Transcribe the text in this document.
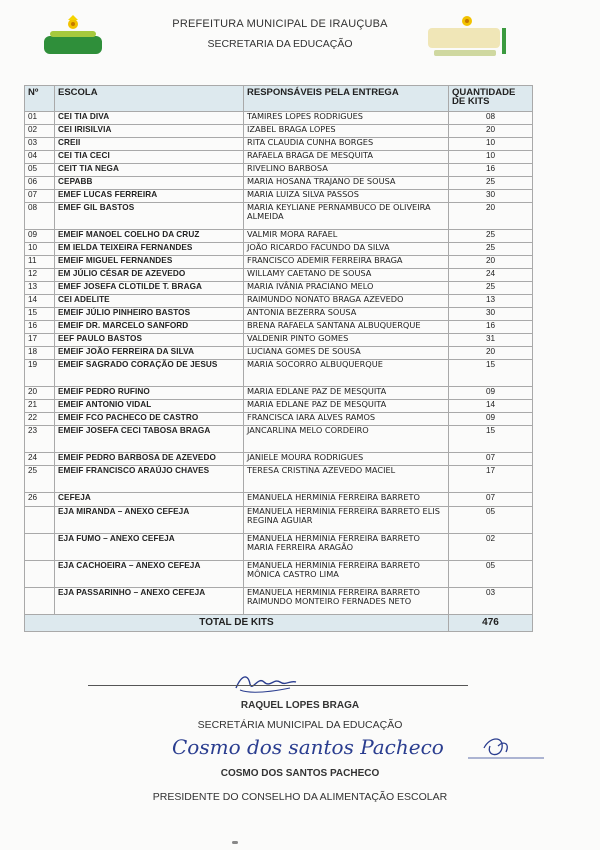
PREFEITURA MUNICIPAL DE IRAUÇUBA
SECRETARIA DA EDUCAÇÃO
Nº	ESCOLA	RESPONSÁVEIS PELA ENTREGA	QUANTIDADE DE KITS
01	CEI TIA DIVA	TAMIRES LOPES RODRIGUES	08
02	CEI IRISILVIA	IZABEL BRAGA LOPES	20
03	CREII	RITA CLAUDIA CUNHA BORGES	10
04	CEI TIA CECI	RAFAELA BRAGA DE MESQUITA	10
05	CEIT TIA NEGA	RIVELINO BARBOSA	16
06	CEPABB	MARIA HOSANA TRAJANO DE SOUSA	25
07	EMEF LUCAS FERREIRA	MARIA LUIZA SILVA PASSOS	30
08	EMEF GIL BASTOS	MARIA KEYLIANE PERNAMBUCO DE OLIVEIRA ALMEIDA	20
09	EMEIF MANOEL COELHO DA CRUZ	VALMIR MORA RAFAEL	25
10	EM IELDA TEIXEIRA FERNANDES	JOÃO RICARDO FACUNDO DA SILVA	25
11	EMEIF MIGUEL FERNANDES	FRANCISCO ADEMIR FERREIRA BRAGA	20
12	EM JÚLIO CÉSAR DE AZEVEDO	WILLAMY CAETANO DE SOUSA	24
13	EMEF JOSEFA CLOTILDE T. BRAGA	MARIA IVÂNIA PRACIANO MELO	25
14	CEI ADELITE	RAIMUNDO NONATO BRAGA AZEVEDO	13
15	EMEIF JÚLIO PINHEIRO BASTOS	ANTONIA BEZERRA SOUSA	30
16	EMEIF DR. MARCELO SANFORD	BRENA RAFAELA SANTANA ALBUQUERQUE	16
17	EEF PAULO BASTOS	VALDENIR PINTO GOMES	31
18	EMEIF JOÃO FERREIRA DA SILVA	LUCIANA GOMES DE SOUSA	20
19	EMEIF SAGRADO CORAÇÃO DE JESUS	MARIA SOCORRO ALBUQUERQUE	15
20	EMEIF PEDRO RUFINO	MARIA EDLANE PAZ DE MESQUITA	09
21	EMEIF ANTONIO VIDAL	MARIA EDLANE PAZ DE MESQUITA	14
22	EMEIF FCO PACHECO DE CASTRO	FRANCISCA IARA ALVES RAMOS	09
23	EMEIF JOSEFA CECI TABOSA BRAGA	JANCARLINA MELO CORDEIRO	15
24	EMEIF PEDRO BARBOSA DE AZEVEDO	JANIELE MOURA RODRIGUES	07
25	EMEIF FRANCISCO ARAÚJO CHAVES	TERESA CRISTINA AZEVEDO MACIEL	17
26	CEFEJA	EMANUELA HERMINIA FERREIRA BARRETO	07
	EJA MIRANDA – ANEXO CEFEJA	EMANUELA HERMINIA FERREIRA BARRETO ELIS REGINA AGUIAR	05
	EJA FUMO – ANEXO CEFEJA	EMANUELA HERMINIA FERREIRA BARRETO MARIA FERREIRA ARAGÃO	02
	EJA CACHOEIRA – ANEXO CEFEJA	EMANUELA HERMINIA FERREIRA BARRETO MÔNICA CASTRO LIMA	05
	EJA PASSARINHO – ANEXO CEFEJA	EMANUELA HERMINIA FERREIRA BARRETO RAIMUNDO MONTEIRO FERNADES NETO	03
TOTAL DE KITS			476
RAQUEL LOPES BRAGA
SECRETÁRIA MUNICIPAL DA EDUCAÇÃO
Cosmo dos santos Pacheco
COSMO DOS SANTOS PACHECO
PRESIDENTE DO CONSELHO DA ALIMENTAÇÃO ESCOLAR
